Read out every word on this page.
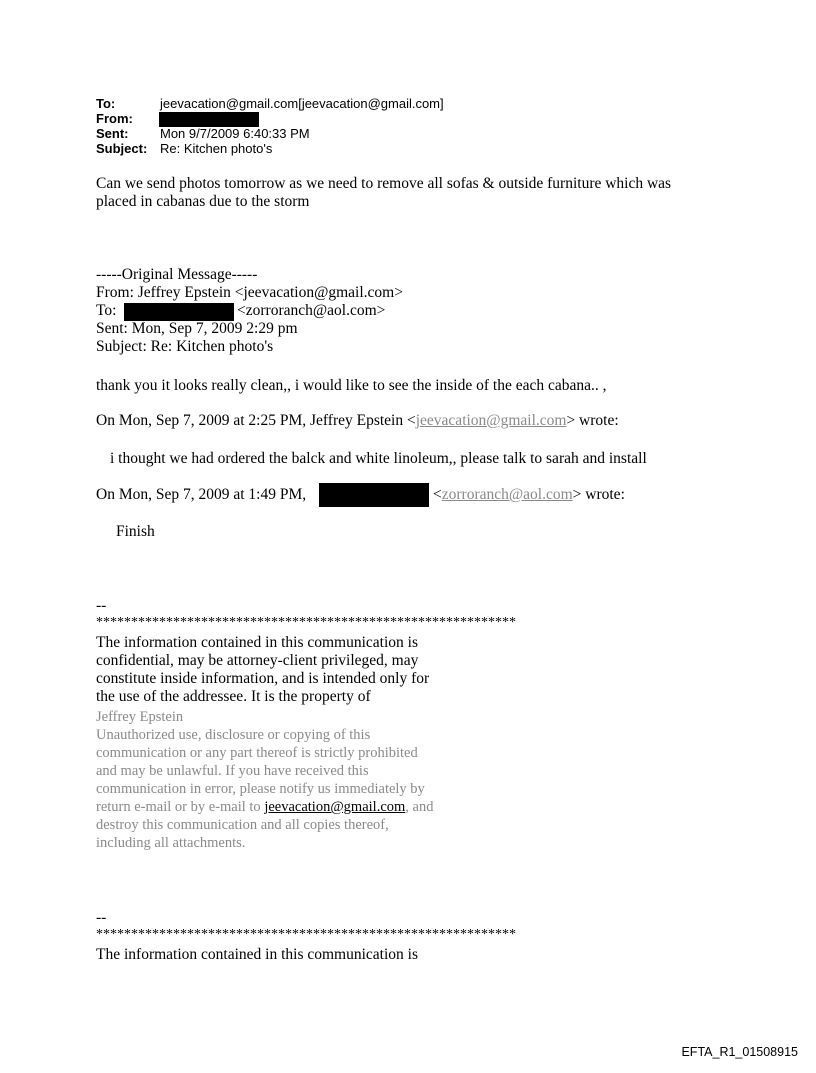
To:	jeevacation@gmail.com[jeevacation@gmail.com]
From:
Sent: Mon 9/7/2009 6:40:33 PM
Subject: Re: Kitchen photo's
Can we send photos tomorrow as we need to remove all sofas & outside furniture which was
placed in cabanas due to the storm
-----Original Message-----
From: Jeffrey Epstein <jeevacation@gmail.com>
To:	<zorroranch@aol.com>
Sent: Mon, Sep 7, 2009 2:29 pm
Subject: Re: Kitchen photo's
thank you it looks really clean,, i would like to see the inside of the each cabana.. ,
On Mon, Sep 7, 2009 at 2:25 PM, Jeffrey Epstein <jeevacation@gmail.com> wrote:
i thought we had ordered the balck and white linoleum,, please talk to sarah and install
On Mon, Sep 7, 2009 at 1:49 PM,	<zorroranch@aol.com> wrote:
Finish
--
************************************************************
The information contained in this communication is
confidential, may be attorney-client privileged, may
constitute inside information, and is intended only for
the use of the addressee. It is the property of
Jeffrey Epstein
Unauthorized use, disclosure or copying of this
communication or any part thereof is strictly prohibited
and may be unlawful. If you have received this
communication in error, please notify us immediately by
return e-mail or by e-mail to jeevacation@gmail.com, and
destroy this communication and all copies thereof,
including all attachments.
--
************************************************************
The information contained in this communication is
EFTA_R1_01508915
